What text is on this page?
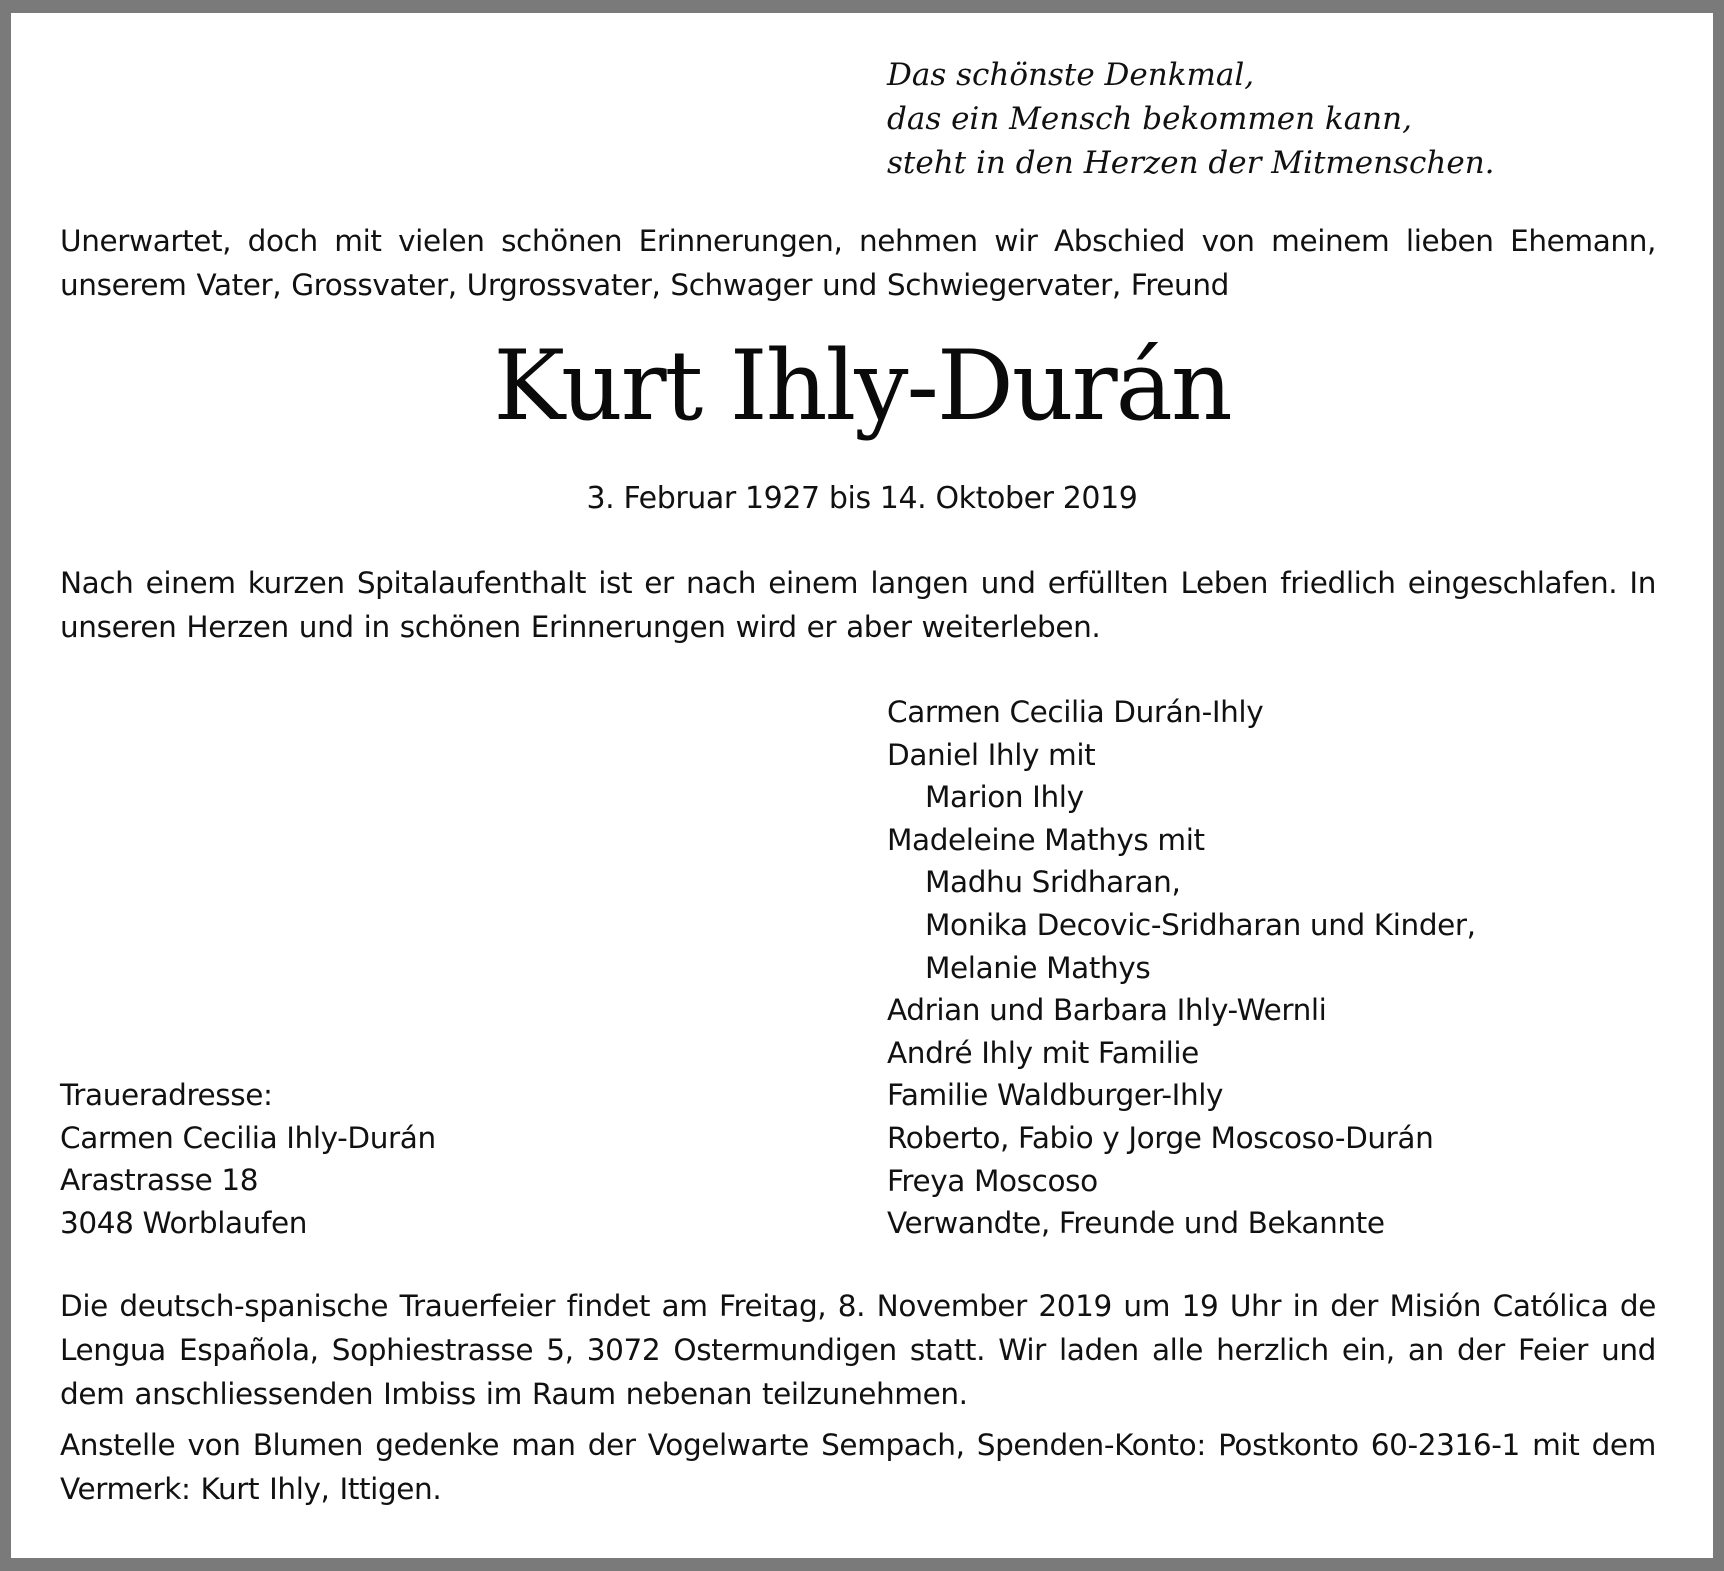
Das schönste Denkmal,
das ein Mensch bekommen kann,
steht in den Herzen der Mitmenschen.
Unerwartet, doch mit vielen schönen Erinnerungen, nehmen wir Abschied von meinem lieben Ehemann, unserem Vater, Grossvater, Urgrossvater, Schwager und Schwiegervater, Freund
Kurt Ihly-Durán
3. Februar 1927 bis 14. Oktober 2019
Nach einem kurzen Spitalaufenthalt ist er nach einem langen und erfüllten Leben friedlich eingeschlafen. In unseren Herzen und in schönen Erinnerungen wird er aber weiterleben.
Carmen Cecilia Durán-Ihly
Daniel Ihly mit
Marion Ihly
Madeleine Mathys mit
Madhu Sridharan,
Monika Decovic-Sridharan und Kinder,
Melanie Mathys
Adrian und Barbara Ihly-Wernli
André Ihly mit Familie
Familie Waldburger-Ihly
Roberto, Fabio y Jorge Moscoso-Durán
Freya Moscoso
Verwandte, Freunde und Bekannte
Traueradresse:
Carmen Cecilia Ihly-Durán
Arastrasse 18
3048 Worblaufen
Die deutsch-spanische Trauerfeier findet am Freitag, 8. November 2019 um 19 Uhr in der Misión Católica de Lengua Española, Sophiestrasse 5, 3072 Ostermundigen statt. Wir laden alle herzlich ein, an der Feier und dem anschliessenden Imbiss im Raum nebenan teilzunehmen.
Anstelle von Blumen gedenke man der Vogelwarte Sempach, Spenden-Konto: Postkonto 60-2316-1 mit dem Vermerk: Kurt Ihly, Ittigen.
